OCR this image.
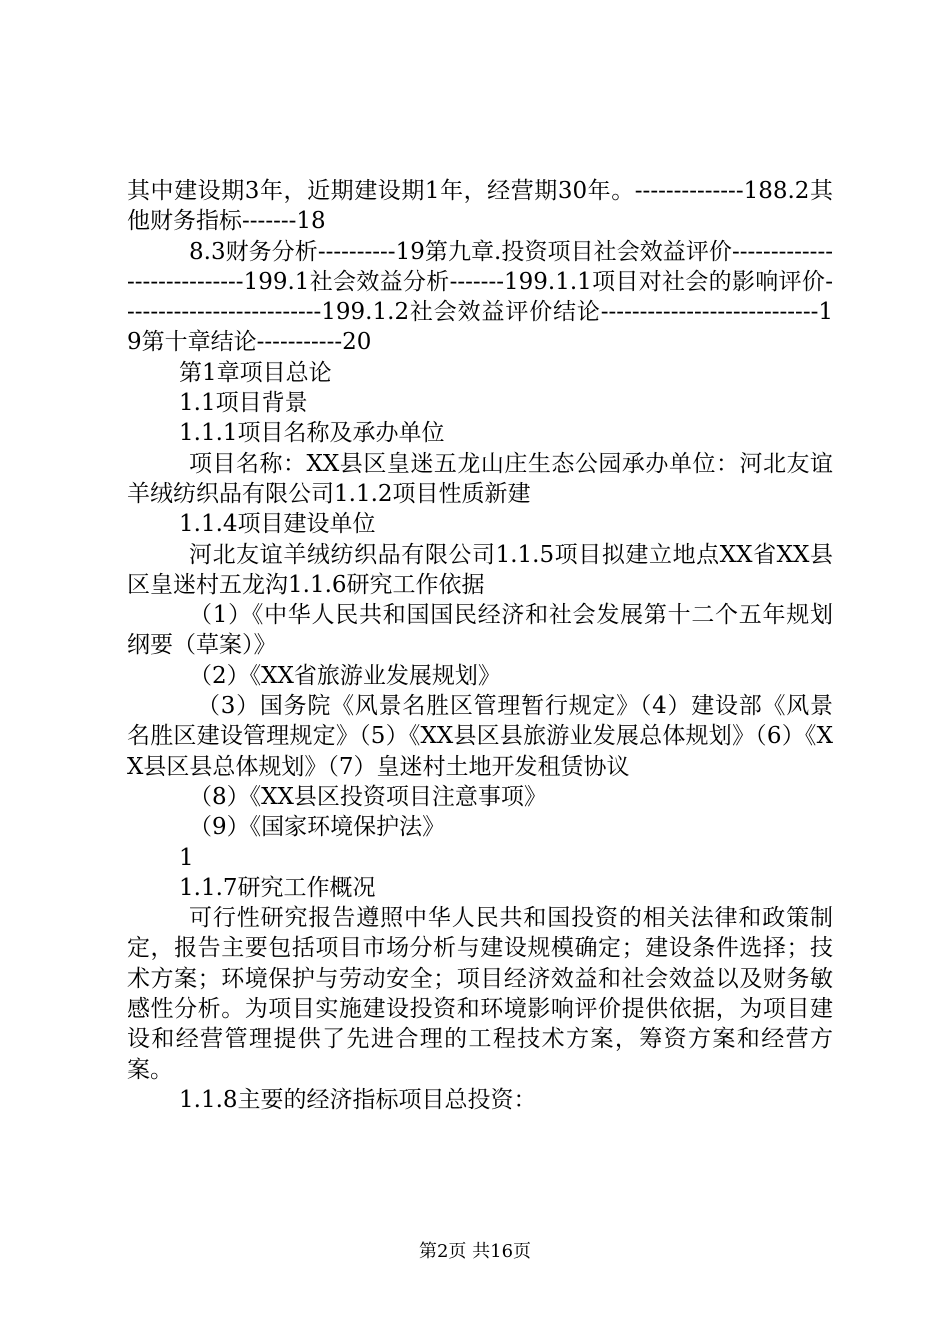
其中建设期3年，近期建设期1年，经营期30年。--------------188.2其他财务指标-------18

8.3财务分析----------19第九章.投资项目社会效益评价----------------------------199.1社会效益分析-------199.1.1项目对社会的影响评价--------------------------199.1.2社会效益评价结论----------------------------19第十章结论-----------20

第1章项目总论

1.1项目背景

1.1.1项目名称及承办单位

项目名称：XX县区皇迷五龙山庄生态公园承办单位：河北友谊羊绒纺织品有限公司1.1.2项目性质新建

1.1.4项目建设单位

河北友谊羊绒纺织品有限公司1.1.5项目拟建立地点XX省XX县区皇迷村五龙沟1.1.6研究工作依据

（1）《中华人民共和国国民经济和社会发展第十二个五年规划纲要（草案）》

（2）《XX省旅游业发展规划》

（3）国务院《风景名胜区管理暂行规定》（4）建设部《风景名胜区建设管理规定》（5）《XX县区县旅游业发展总体规划》（6）《XX县区县总体规划》（7）皇迷村土地开发租赁协议

（8）《XX县区投资项目注意事项》

（9）《国家环境保护法》

1

1.1.7研究工作概况

可行性研究报告遵照中华人民共和国投资的相关法律和政策制定，报告主要包括项目市场分析与建设规模确定；建设条件选择；技术方案；环境保护与劳动安全；项目经济效益和社会效益以及财务敏感性分析。为项目实施建设投资和环境影响评价提供依据，为项目建设和经营管理提供了先进合理的工程技术方案，筹资方案和经营方案。

1.1.8主要的经济指标项目总投资：

第2页 共16页
